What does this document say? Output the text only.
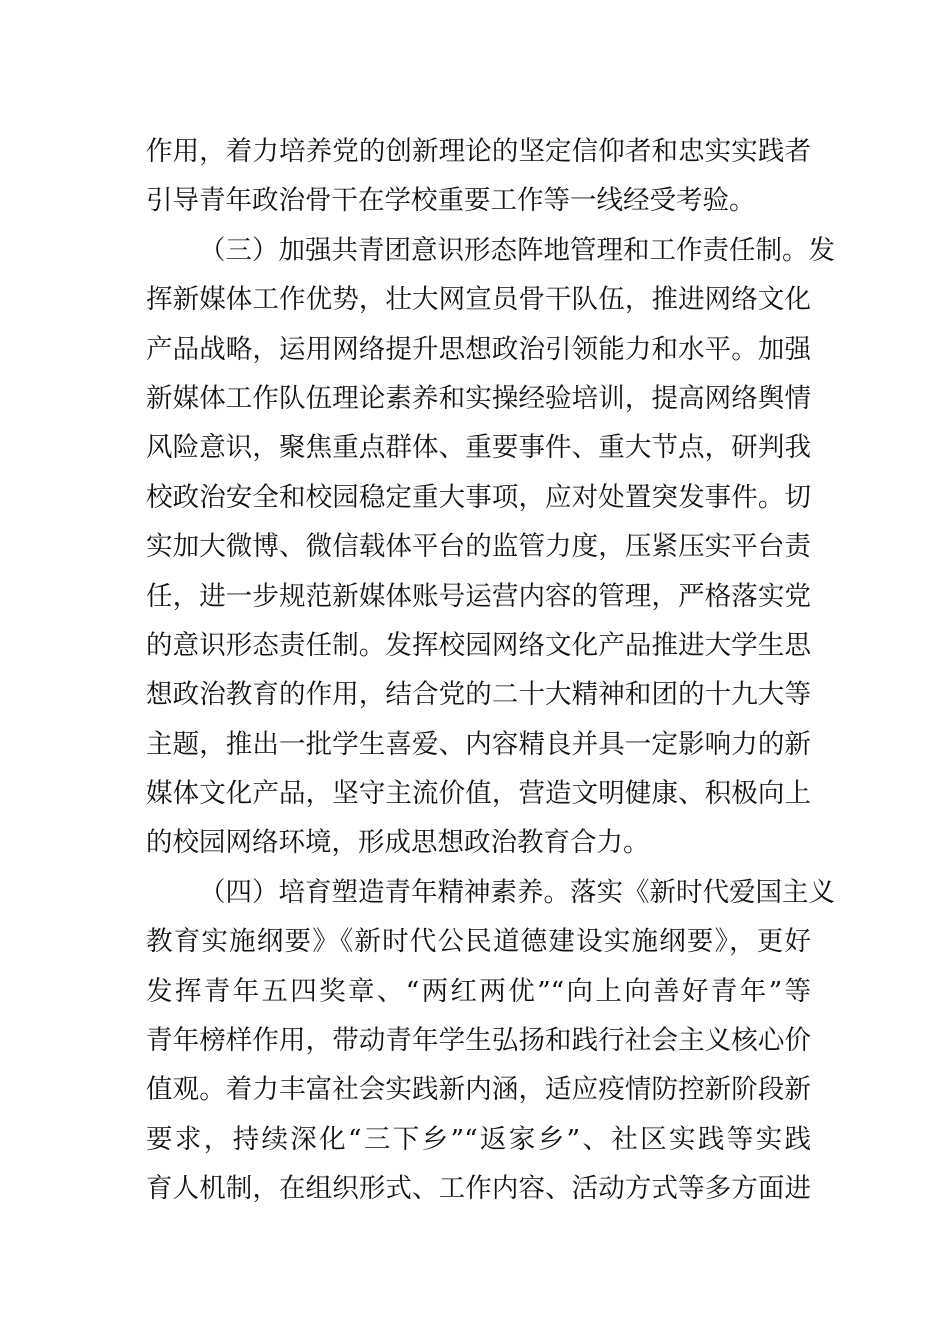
作用，着力培养党的创新理论的坚定信仰者和忠实实践者
引导青年政治骨干在学校重要工作等一线经受考验。
（三）加强共青团意识形态阵地管理和工作责任制。发
挥新媒体工作优势，壮大网宣员骨干队伍，推进网络文化
产品战略，运用网络提升思想政治引领能力和水平。加强
新媒体工作队伍理论素养和实操经验培训，提高网络舆情
风险意识，聚焦重点群体、重要事件、重大节点，研判我
校政治安全和校园稳定重大事项，应对处置突发事件。切
实加大微博、微信载体平台的监管力度，压紧压实平台责
任，进一步规范新媒体账号运营内容的管理，严格落实党
的意识形态责任制。发挥校园网络文化产品推进大学生思
想政治教育的作用，结合党的二十大精神和团的十九大等
主题，推出一批学生喜爱、内容精良并具一定影响力的新
媒体文化产品，坚守主流价值，营造文明健康、积极向上
的校园网络环境，形成思想政治教育合力。
（四）培育塑造青年精神素养。落实《新时代爱国主义
教育实施纲要》《新时代公民道德建设实施纲要》，更好
发挥青年五四奖章、“两红两优”“向上向善好青年”等
青年榜样作用，带动青年学生弘扬和践行社会主义核心价
值观。着力丰富社会实践新内涵，适应疫情防控新阶段新
要求，持续深化“三下乡”“返家乡”、社区实践等实践
育人机制，在组织形式、工作内容、活动方式等多方面进
